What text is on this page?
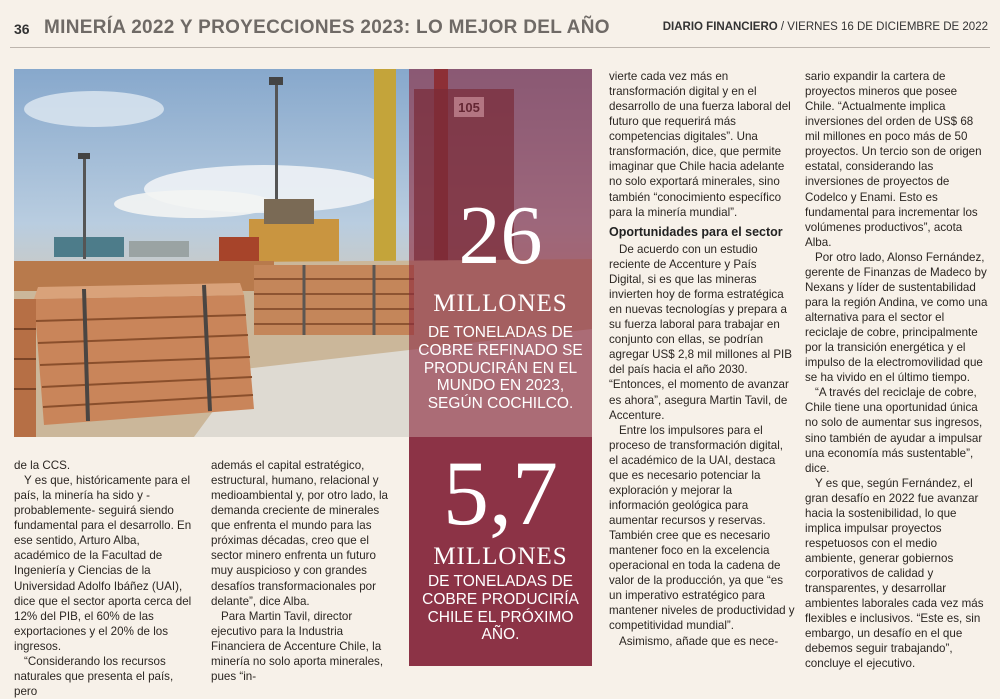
36 MINERÍA 2022 Y PROYECCIONES 2023: LO MEJOR DEL AÑO	DIARIO FINANCIERO / VIERNES 16 DE DICIEMBRE DE 2022
26
MILLONES
DE TONELADAS DE COBRE REFINADO SE PRODUCIRÁN EN EL MUNDO EN 2023, SEGÚN COCHILCO.
5,7
MILLONES
DE TONELADAS DE COBRE PRODUCIRÍA CHILE EL PRÓXIMO AÑO.

de la CCS.

Y es que, históricamente para el país, la minería ha sido y -probablemente- seguirá siendo fundamental para el desarrollo. En ese sentido, Arturo Alba, académico de la Facultad de Ingeniería y Ciencias de la Universidad Adolfo Ibáñez (UAI), dice que el sector aporta cerca del 12% del PIB, el 60% de las exportaciones y el 20% de los ingresos.

“Considerando los recursos naturales que presenta el país, pero

además el capital estratégico, estructural, humano, relacional y medioambiental y, por otro lado, la demanda creciente de minerales que enfrenta el mundo para las próximas décadas, creo que el sector minero enfrenta un futuro muy auspicioso y con grandes desafíos transformacionales por delante”, dice Alba.

Para Martin Tavil, director ejecutivo para la Industria Financiera de Accenture Chile, la minería no solo aporta minerales, pues “in-

vierte cada vez más en transformación digital y en el desarrollo de una fuerza laboral del futuro que requerirá más competencias digitales”. Una transformación, dice, que permite imaginar que Chile hacia adelante no solo exportará minerales, sino también “conocimiento específico para la minería mundial”.

Oportunidades para el sector

De acuerdo con un estudio reciente de Accenture y País Digital, si es que las mineras invierten hoy de forma estratégica en nuevas tecnologías y prepara a su fuerza laboral para trabajar en conjunto con ellas, se podrían agregar US$ 2,8 mil millones al PIB del país hacia el año 2030. “Entonces, el momento de avanzar es ahora”, asegura Martin Tavil, de Accenture.

Entre los impulsores para el proceso de transformación digital, el académico de la UAI, destaca que es necesario potenciar la exploración y mejorar la información geológica para aumentar recursos y reservas. También cree que es necesario mantener foco en la excelencia operacional en toda la cadena de valor de la producción, ya que “es un imperativo estratégico para mantener niveles de productividad y competitividad mundial”.

Asimismo, añade que es nece-

sario expandir la cartera de proyectos mineros que posee Chile. “Actualmente implica inversiones del orden de US$ 68 mil millones en poco más de 50 proyectos. Un tercio son de origen estatal, considerando las inversiones de proyectos de Codelco y Enami. Esto es fundamental para incrementar los volúmenes productivos”, acota Alba.

Por otro lado, Alonso Fernández, gerente de Finanzas de Madeco by Nexans y líder de sustentabilidad para la región Andina, ve como una alternativa para el sector el reciclaje de cobre, principalmente por la transición energética y el impulso de la electromovilidad que se ha vivido en el último tiempo.

“A través del reciclaje de cobre, Chile tiene una oportunidad única no solo de aumentar sus ingresos, sino también de ayudar a impulsar una economía más sustentable”, dice.

Y es que, según Fernández, el gran desafío en 2022 fue avanzar hacia la sostenibilidad, lo que implica impulsar proyectos respetuosos con el medio ambiente, generar gobiernos corporativos de calidad y transparentes, y desarrollar ambientes laborales cada vez más flexibles e inclusivos. “Este es, sin embargo, un desafío en el que debemos seguir trabajando”, concluye el ejecutivo.
